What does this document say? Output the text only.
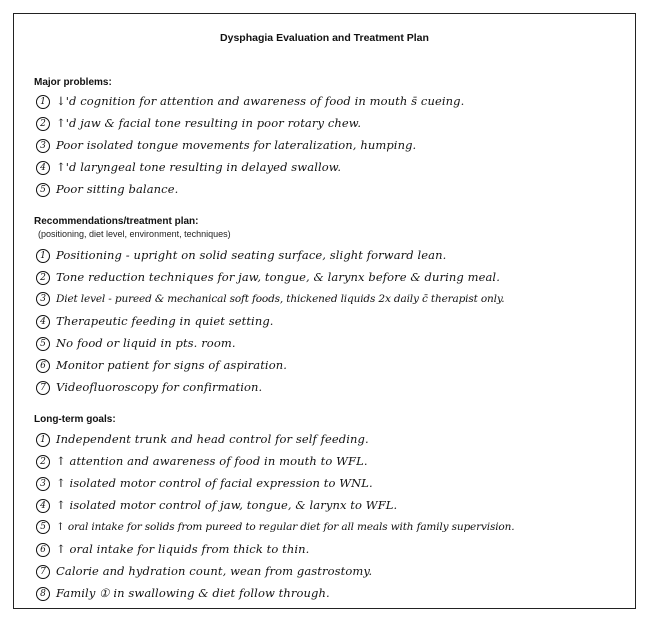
Dysphagia Evaluation and Treatment Plan
Major problems:
1 ↓'d cognition for attention and awareness of food in mouth s̄ cueing.
2 ↑'d jaw & facial tone resulting in poor rotary chew.
3 Poor isolated tongue movements for lateralization, humping.
4 ↑'d laryngeal tone resulting in delayed swallow.
5 Poor sitting balance.
Recommendations/treatment plan:
(positioning, diet level, environment, techniques)
1 Positioning - upright on solid seating surface, slight forward lean.
2 Tone reduction techniques for jaw, tongue, & larynx before & during meal.
3 Diet level - pureed & mechanical soft foods, thickened liquids 2x daily c̄ therapist only.
4 Therapeutic feeding in quiet setting.
5 No food or liquid in pts. room.
6 Monitor patient for signs of aspiration.
7 Videofluoroscopy for confirmation.
Long-term goals:
1 Independent trunk and head control for self feeding.
2 ↑ attention and awareness of food in mouth to WFL.
3 ↑ isolated motor control of facial expression to WNL.
4 ↑ isolated motor control of jaw, tongue, & larynx to WFL.
5 ↑ oral intake for solids from pureed to regular diet for all meals with family supervision.
6 ↑ oral intake for liquids from thick to thin.
7 Calorie and hydration count, wean from gastrostomy.
8 Family ① in swallowing & diet follow through.
